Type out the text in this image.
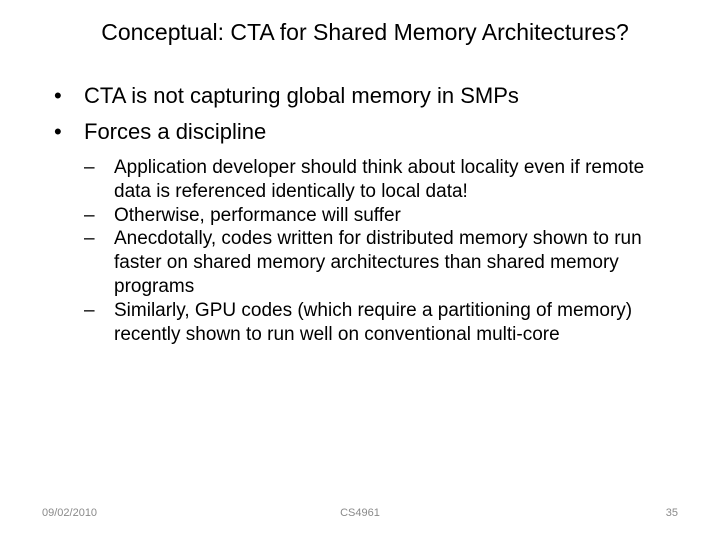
Conceptual: CTA for Shared Memory Architectures?
• CTA is not capturing global memory in SMPs
• Forces a discipline
– Application developer should think about locality even if remote data is referenced identically to local data!
– Otherwise, performance will suffer
– Anecdotally, codes written for distributed memory shown to run faster on shared memory architectures than shared memory programs
– Similarly, GPU codes (which require a partitioning of memory) recently shown to run well on conventional multi-core
09/02/2010	CS4961	35
